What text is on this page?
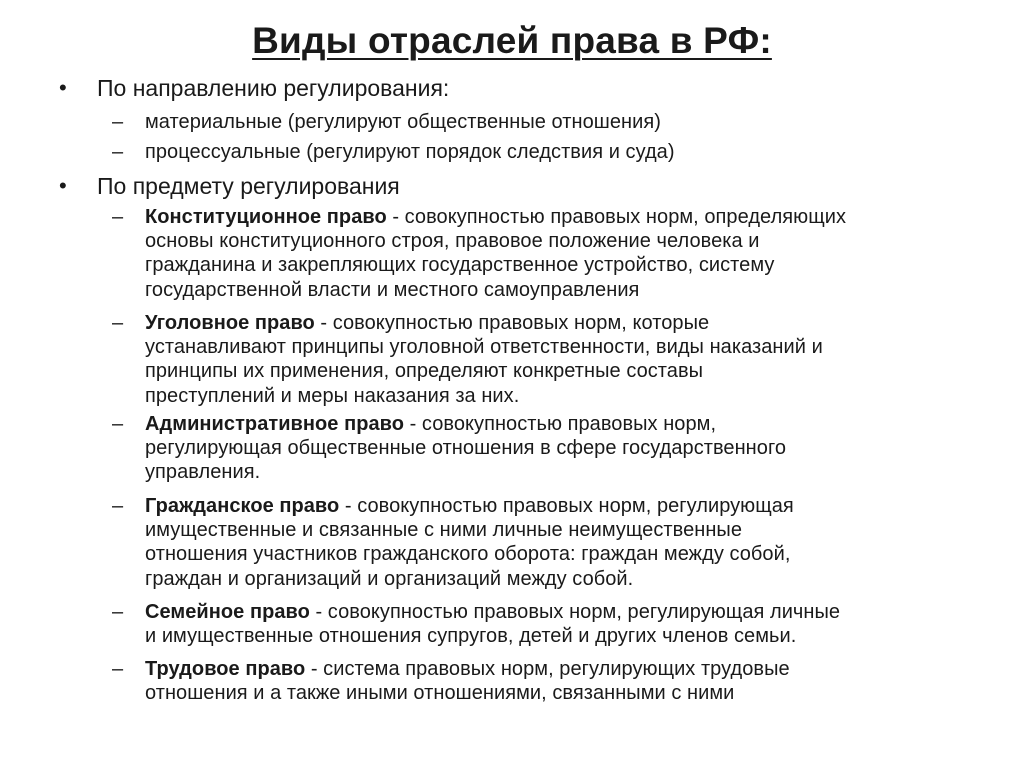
Виды отраслей права в РФ:
• По направлению регулирования:
– материальные (регулируют общественные отношения)
– процессуальные (регулируют порядок следствия и суда)
• По предмету регулирования
– Конституционное право - совокупностью правовых норм, определяющих
основы конституционного строя, правовое положение человека и
гражданина и закрепляющих государственное устройство, систему
государственной власти и местного самоуправления
– Уголовное право - совокупностью правовых норм, которые
устанавливают принципы уголовной ответственности, виды наказаний и
принципы их применения, определяют конкретные составы
преступлений и меры наказания за них.
– Административное право - совокупностью правовых норм,
регулирующая общественные отношения в сфере государственного
управления.
– Гражданское право - совокупностью правовых норм, регулирующая
имущественные и связанные с ними личные неимущественные
отношения участников гражданского оборота: граждан между собой,
граждан и организаций и организаций между собой.
– Семейное право - совокупностью правовых норм, регулирующая личные
и имущественные отношения супругов, детей и других членов семьи.
– Трудовое право - система правовых норм, регулирующих трудовые
отношения и а также иными отношениями, связанными с ними
